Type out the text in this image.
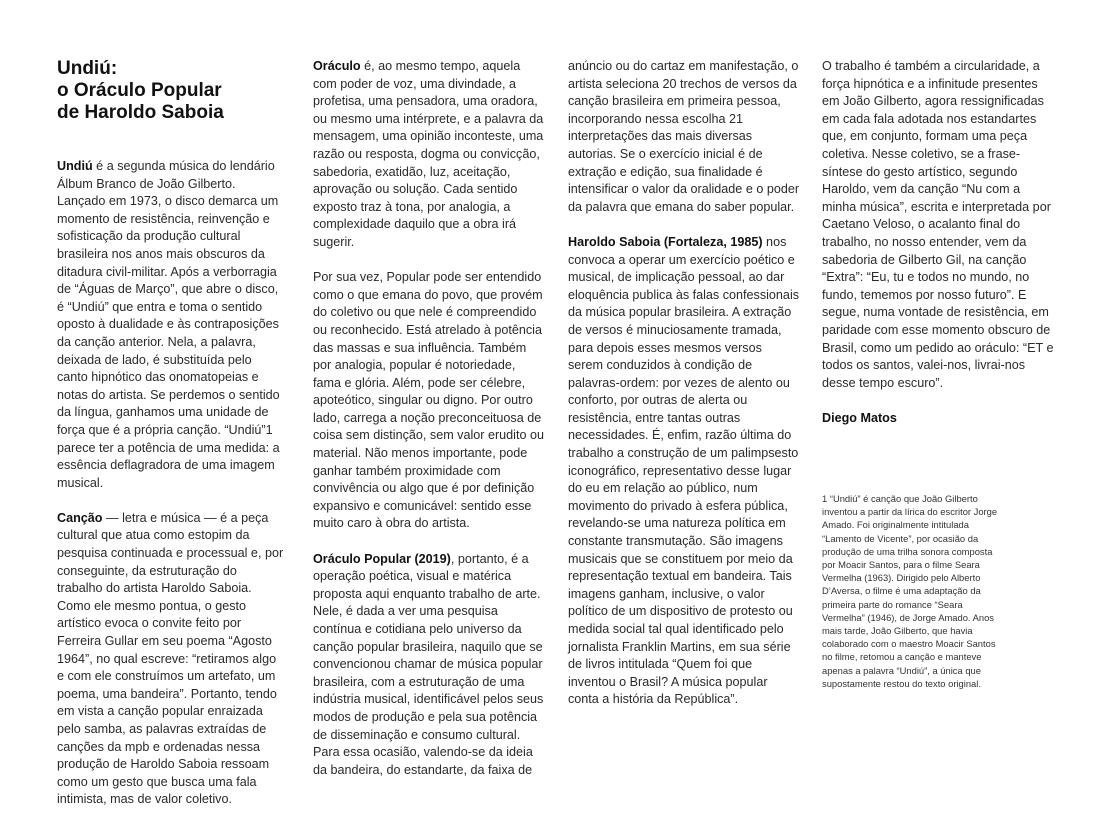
Undiú:
o Oráculo Popular
de Haroldo Saboia

Undiú é a segunda música do lendário Álbum Branco de João Gilberto. Lançado em 1973, o disco demarca um momento de resistência, reinvenção e sofisticação da produção cultural brasileira nos anos mais obscuros da ditadura civil-militar. Após a verborragia de “Águas de Março”, que abre o disco, é “Undiú” que entra e toma o sentido oposto à dualidade e às contraposições da canção anterior. Nela, a palavra, deixada de lado, é substituída pelo canto hipnótico das onomatopeias e notas do artista. Se perdemos o sentido da língua, ganhamos uma unidade de força que é a própria canção. “Undiú”1 parece ter a potência de uma medida: a essência deflagradora de uma imagem musical.

Canção — letra e música — é a peça cultural que atua como estopim da pesquisa continuada e processual e, por conseguinte, da estruturação do trabalho do artista Haroldo Saboia. Como ele mesmo pontua, o gesto artístico evoca o convite feito por Ferreira Gullar em seu poema “Agosto 1964”, no qual escreve: “retiramos algo e com ele construímos um artefato, um poema, uma bandeira”. Portanto, tendo em vista a canção popular enraizada pelo samba, as palavras extraídas de canções da mpb e ordenadas nessa produção de Haroldo Saboia ressoam como um gesto que busca uma fala intimista, mas de valor coletivo.

Oráculo é, ao mesmo tempo, aquela com poder de voz, uma divindade, a profetisa, uma pensadora, uma oradora, ou mesmo uma intérprete, e a palavra da mensagem, uma opinião inconteste, uma razão ou resposta, dogma ou convicção, sabedoria, exatidão, luz, aceitação, aprovação ou solução. Cada sentido exposto traz à tona, por analogia, a complexidade daquilo que a obra irá sugerir.

Por sua vez, Popular pode ser entendido como o que emana do povo, que provém do coletivo ou que nele é compreendido ou reconhecido. Está atrelado à potência das massas e sua influência. Também por analogia, popular é notoriedade, fama e glória. Além, pode ser célebre, apoteótico, singular ou digno. Por outro lado, carrega a noção preconceituosa de coisa sem distinção, sem valor erudito ou material. Não menos importante, pode ganhar também proximidade com convivência ou algo que é por definição expansivo e comunicável: sentido esse muito caro à obra do artista.

Oráculo Popular (2019), portanto, é a operação poética, visual e matérica proposta aqui enquanto trabalho de arte. Nele, é dada a ver uma pesquisa contínua e cotidiana pelo universo da canção popular brasileira, naquilo que se convencionou chamar de música popular brasileira, com a estruturação de uma indústria musical, identificável pelos seus modos de produção e pela sua potência de disseminação e consumo cultural. Para essa ocasião, valendo-se da ideia da bandeira, do estandarte, da faixa de

anúncio ou do cartaz em manifestação, o artista seleciona 20 trechos de versos da canção brasileira em primeira pessoa, incorporando nessa escolha 21 interpretações das mais diversas autorias. Se o exercício inicial é de extração e edição, sua finalidade é intensificar o valor da oralidade e o poder da palavra que emana do saber popular.

Haroldo Saboia (Fortaleza, 1985) nos convoca a operar um exercício poético e musical, de implicação pessoal, ao dar eloquência publica às falas confessionais da música popular brasileira. A extração de versos é minuciosamente tramada, para depois esses mesmos versos serem conduzidos à condição de palavras-ordem: por vezes de alento ou conforto, por outras de alerta ou resistência, entre tantas outras necessidades. É, enfim, razão última do trabalho a construção de um palimpsesto iconográfico, representativo desse lugar do eu em relação ao público, num movimento do privado à esfera pública, revelando-se uma natureza política em constante transmutação. São imagens musicais que se constituem por meio da representação textual em bandeira. Tais imagens ganham, inclusive, o valor político de um dispositivo de protesto ou medida social tal qual identificado pelo jornalista Franklin Martins, em sua série de livros intitulada “Quem foi que inventou o Brasil? A música popular conta a história da República”.

O trabalho é também a circularidade, a força hipnótica e a infinitude presentes em João Gilberto, agora ressignificadas em cada fala adotada nos estandartes que, em conjunto, formam uma peça coletiva. Nesse coletivo, se a frase-síntese do gesto artístico, segundo Haroldo, vem da canção “Nu com a minha música”, escrita e interpretada por Caetano Veloso, o acalanto final do trabalho, no nosso entender, vem da sabedoria de Gilberto Gil, na canção “Extra”: “Eu, tu e todos no mundo, no fundo, tememos por nosso futuro”. E segue, numa vontade de resistência, em paridade com esse momento obscuro de Brasil, como um pedido ao oráculo: “ET e todos os santos, valei-nos, livrai-nos desse tempo escuro”.

Diego Matos

1 “Undiú” é canção que João Gilberto inventou a partir da lírica do escritor Jorge Amado. Foi originalmente intitulada “Lamento de Vicente”, por ocasião da produção de uma trilha sonora composta por Moacir Santos, para o filme Seara Vermelha (1963). Dirigido pelo Alberto D’Aversa, o filme é uma adaptação da primeira parte do romance “Seara Vermelha” (1946), de Jorge Amado. Anos mais tarde, João Gilberto, que havia colaborado com o maestro Moacir Santos no filme, retomou a canção e manteve apenas a palavra “Undiú”, a única que supostamente restou do texto original.
